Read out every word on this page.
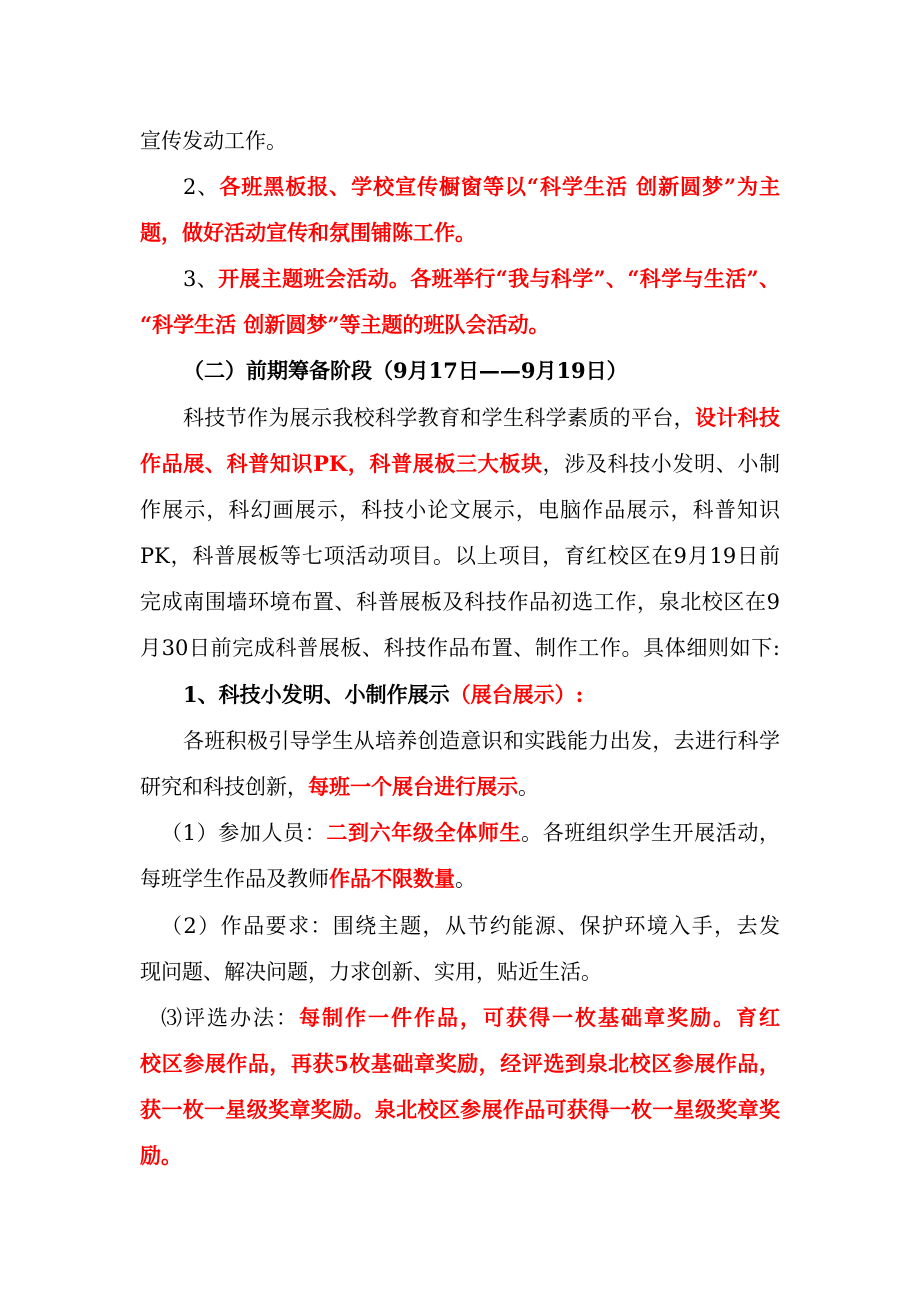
宣传发动工作。
2、各班黑板报、学校宣传橱窗等以“科学生活 创新圆梦”为主
题，做好活动宣传和氛围铺陈工作。
3、开展主题班会活动。各班举行“我与科学”、“科学与生活”、
“科学生活 创新圆梦”等主题的班队会活动。
（二）前期筹备阶段（9月17日——9月19日）
科技节作为展示我校科学教育和学生科学素质的平台，设计科技
作品展、科普知识PK，科普展板三大板块，涉及科技小发明、小制
作展示，科幻画展示，科技小论文展示，电脑作品展示，科普知识
PK，科普展板等七项活动项目。以上项目，育红校区在9月19日前
完成南围墙环境布置、科普展板及科技作品初选工作，泉北校区在9
月30日前完成科普展板、科技作品布置、制作工作。具体细则如下:
1、科技小发明、小制作展示（展台展示）:
各班积极引导学生从培养创造意识和实践能力出发，去进行科学
研究和科技创新，每班一个展台进行展示。
（1）参加人员：二到六年级全体师生。各班组织学生开展活动，
每班学生作品及教师作品不限数量。
（2）作品要求：围绕主题，从节约能源、保护环境入手，去发
现问题、解决问题，力求创新、实用，贴近生活。
⑶评选办法：每制作一件作品，可获得一枚基础章奖励。育红
校区参展作品，再获5枚基础章奖励，经评选到泉北校区参展作品，
获一枚一星级奖章奖励。泉北校区参展作品可获得一枚一星级奖章奖
励。
